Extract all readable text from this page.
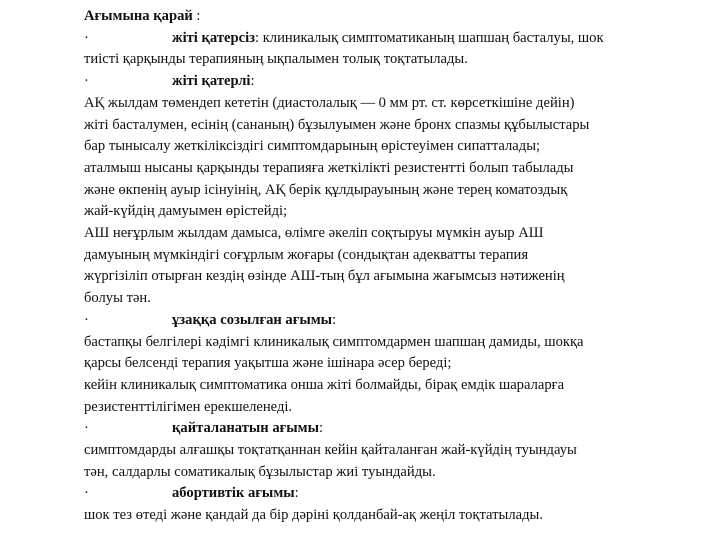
Ағымына қарай :

·	жіті қатерсіз: клиникалық симптоматиканың шапшаң басталуы, шок

тиісті қарқынды терапияның ықпалымен толық тоқтатылады.

·	жіті қатерлі:

АҚ жылдам төмендеп кететін (диастолалық — 0 мм рт. ст. көрсеткішіне дейін)

жіті басталумен, есінің (сананың) бұзылуымен және бронх спазмы құбылыстары

бар тынысалу жеткіліксіздігі симптомдарының өрістеуімен сипатталады;

аталмыш нысаны қарқынды терапияға жеткілікті резистентті болып табылады

және өкпенің ауыр ісінуінің, АҚ берік құлдырауының және терең коматоздық

жай-күйдің дамуымен өрістейді;

АШ неғұрлым жылдам дамыса, өлімге әкеліп соқтыруы мүмкін ауыр АШ

дамуының мүмкіндігі соғұрлым жоғары (сондықтан адекватты терапия

жүргізіліп отырған кездің өзінде АШ-тың бұл ағымына жағымсыз нәтиженің

болуы тән.

·	ұзаққа созылған ағымы:

бастапқы белгілері кәдімгі клиникалық симптомдармен шапшаң дамиды, шокқа

қарсы белсенді терапия уақытша және ішінара әсер береді;

кейін клиникалық симптоматика онша жіті болмайды, бірақ емдік шараларға

резистенттілігімен ерекшеленеді.

·	қайталанатын ағымы:

симптомдарды алғашқы тоқтатқаннан кейін қайталанған жай-күйдің туындауы

тән, салдарлы соматикалық бұзылыстар жиі туындайды.

·	абортивтік ағымы:

шок тез өтеді және қандай да бір дәріні қолданбай-ақ жеңіл тоқтатылады.
